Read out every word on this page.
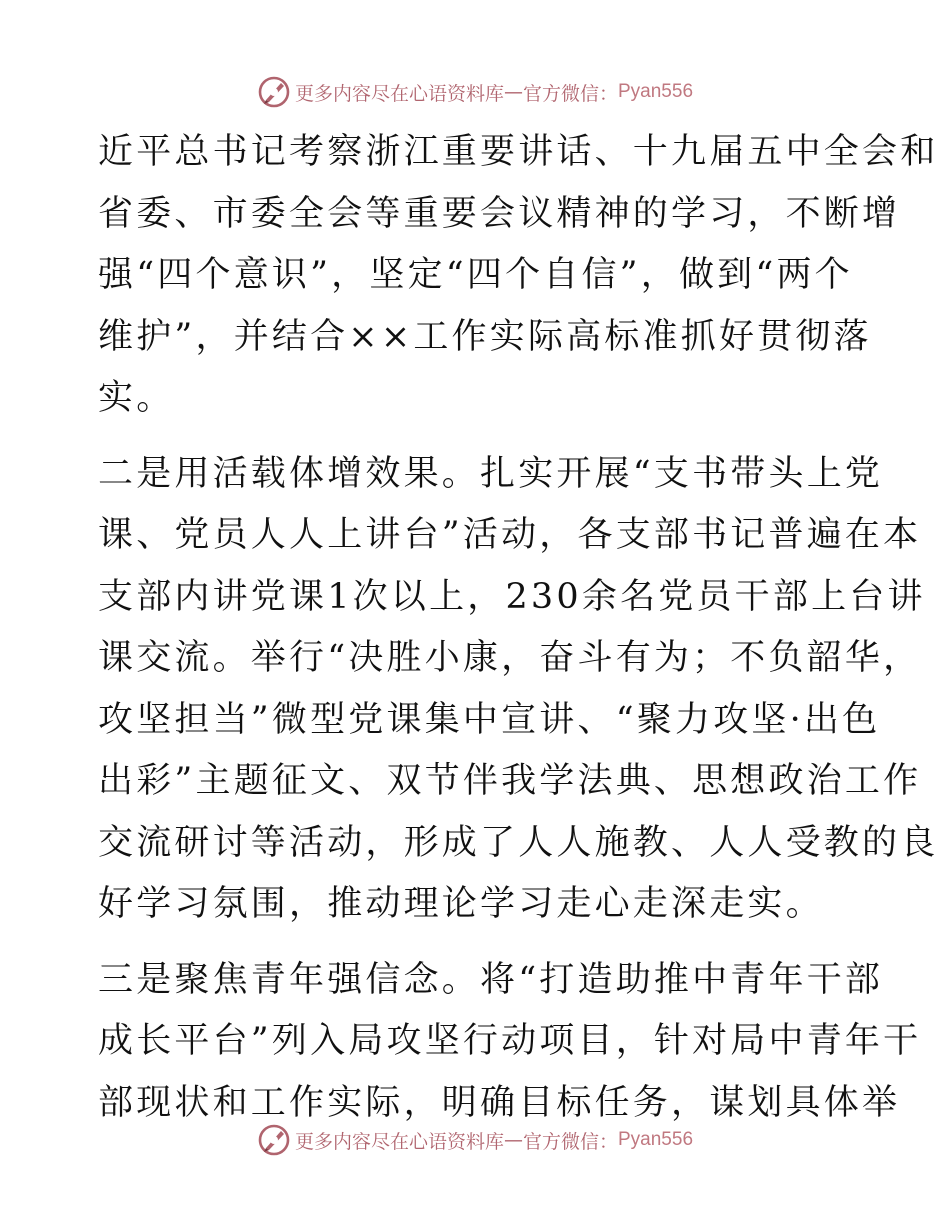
更多内容尽在心语资料库 — 官方微信： Pyan556

近平总书记考察浙江重要讲话、十九届五中全会和
省委、市委全会等重要会议精神的学习，不断增
强“四个意识”，坚定“四个自信”，做到“两个
维护”，并结合××工作实际高标准抓好贯彻落
实。

二是用活载体增效果。扎实开展“支书带头上党
课、党员人人上讲台”活动，各支部书记普遍在本
支部内讲党课1次以上，230余名党员干部上台讲
课交流。举行“决胜小康，奋斗有为；不负韶华，
攻坚担当”微型党课集中宣讲、“聚力攻坚·出色
出彩”主题征文、双节伴我学法典、思想政治工作
交流研讨等活动，形成了人人施教、人人受教的良
好学习氛围，推动理论学习走心走深走实。

三是聚焦青年强信念。将“打造助推中青年干部
成长平台”列入局攻坚行动项目，针对局中青年干
部现状和工作实际，明确目标任务，谋划具体举

更多内容尽在心语资料库 — 官方微信： Pyan556
